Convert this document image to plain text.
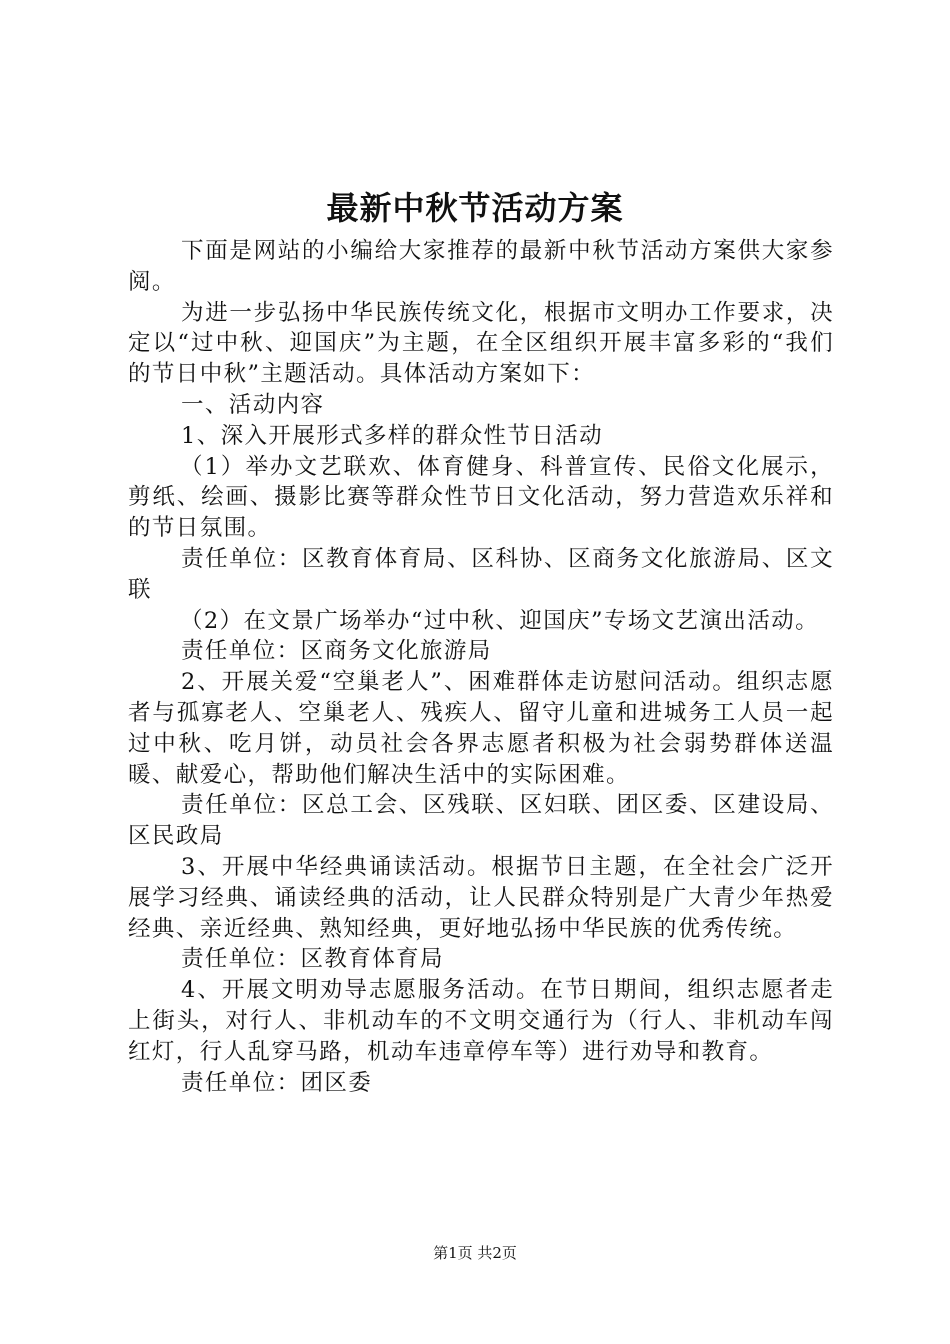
最新中秋节活动方案

下面是网站的小编给大家推荐的最新中秋节活动方案供大家参阅。

为进一步弘扬中华民族传统文化，根据市文明办工作要求，决定以“过中秋、迎国庆”为主题，在全区组织开展丰富多彩的“我们的节日中秋”主题活动。具体活动方案如下：

一、活动内容

1、深入开展形式多样的群众性节日活动

（1）举办文艺联欢、体育健身、科普宣传、民俗文化展示，剪纸、绘画、摄影比赛等群众性节日文化活动，努力营造欢乐祥和的节日氛围。

责任单位：区教育体育局、区科协、区商务文化旅游局、区文联

（2）在文景广场举办“过中秋、迎国庆”专场文艺演出活动。

责任单位：区商务文化旅游局

2、开展关爱“空巢老人”、困难群体走访慰问活动。组织志愿者与孤寡老人、空巢老人、残疾人、留守儿童和进城务工人员一起过中秋、吃月饼，动员社会各界志愿者积极为社会弱势群体送温暖、献爱心，帮助他们解决生活中的实际困难。

责任单位：区总工会、区残联、区妇联、团区委、区建设局、区民政局

3、开展中华经典诵读活动。根据节日主题，在全社会广泛开展学习经典、诵读经典的活动，让人民群众特别是广大青少年热爱经典、亲近经典、熟知经典，更好地弘扬中华民族的优秀传统。

责任单位：区教育体育局

4、开展文明劝导志愿服务活动。在节日期间，组织志愿者走上街头，对行人、非机动车的不文明交通行为（行人、非机动车闯红灯，行人乱穿马路，机动车违章停车等）进行劝导和教育。

责任单位：团区委

第1页 共2页
